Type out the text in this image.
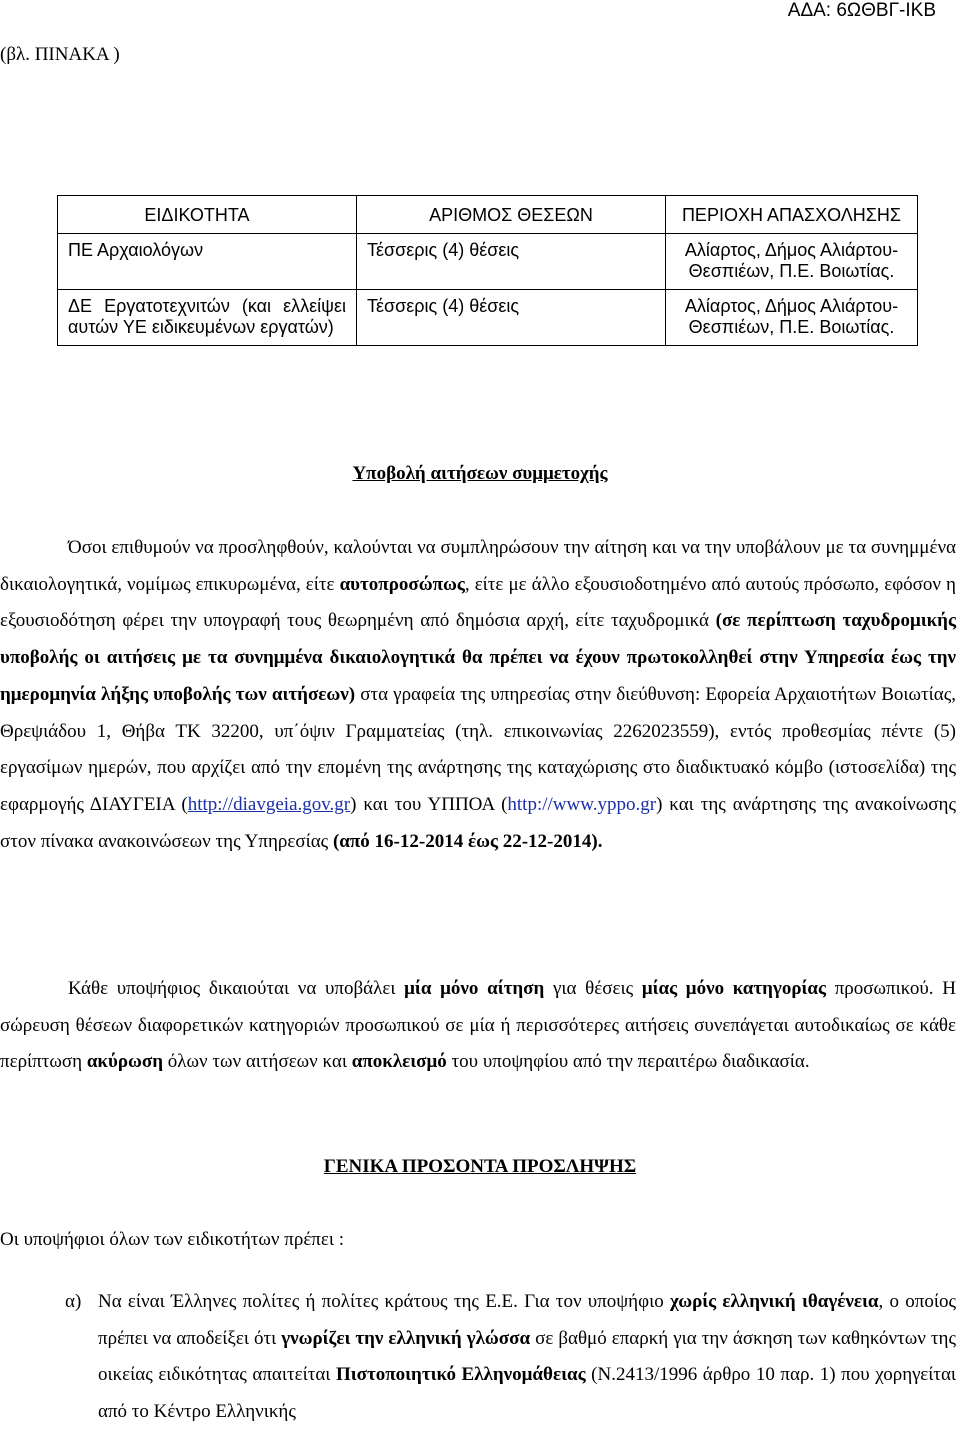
ΑΔΑ: 6ΩΘΒΓ-ΙΚΒ
(βλ. ΠΙΝΑΚΑ )
ΕΙΔΙΚΟΤΗΤΑ	ΑΡΙΘΜΟΣ ΘΕΣΕΩΝ	ΠΕΡΙΟΧΗ ΑΠΑΣΧΟΛΗΣΗΣ
ΠΕ Αρχαιολόγων	Τέσσερις (4) θέσεις	Αλίαρτος, Δήμος Αλιάρτου-Θεσπιέων, Π.Ε. Βοιωτίας.
ΔΕ Εργατοτεχνιτών (και ελλείψει αυτών ΥΕ ειδικευμένων εργατών)	Τέσσερις (4) θέσεις	Αλίαρτος, Δήμος Αλιάρτου-Θεσπιέων, Π.Ε. Βοιωτίας.
Υποβολή αιτήσεων συμμετοχής
Όσοι επιθυμούν να προσληφθούν, καλούνται να συμπληρώσουν την αίτηση και να την υποβάλουν με τα συνημμένα δικαιολογητικά, νομίμως επικυρωμένα, είτε αυτοπροσώπως, είτε με άλλο εξουσιοδοτημένο από αυτούς πρόσωπο, εφόσον η εξουσιοδότηση φέρει την υπογραφή τους θεωρημένη από δημόσια αρχή, είτε ταχυδρομικά (σε περίπτωση ταχυδρομικής υποβολής οι αιτήσεις με τα συνημμένα δικαιολογητικά θα πρέπει να έχουν πρωτοκολληθεί στην Υπηρεσία έως την ημερομηνία λήξης υποβολής των αιτήσεων) στα γραφεία της υπηρεσίας στην διεύθυνση: Εφορεία Αρχαιοτήτων Βοιωτίας, Θρεψιάδου 1, Θήβα ΤΚ 32200, υπ΄όψιν Γραμματείας (τηλ. επικοινωνίας 2262023559), εντός προθεσμίας πέντε (5) εργασίμων ημερών, που αρχίζει από την επομένη της ανάρτησης της καταχώρισης στο διαδικτυακό κόμβο (ιστοσελίδα) της εφαρμογής ΔΙΑΥΓΕΙΑ (http://diavgeia.gov.gr) και του ΥΠΠΟΑ (http://www.yppo.gr) και της ανάρτησης της ανακοίνωσης στον πίνακα ανακοινώσεων της Υπηρεσίας (από 16-12-2014 έως 22-12-2014).
Κάθε υποψήφιος δικαιούται να υποβάλει μία μόνο αίτηση για θέσεις μίας μόνο κατηγορίας προσωπικού. Η σώρευση θέσεων διαφορετικών κατηγοριών προσωπικού σε μία ή περισσότερες αιτήσεις συνεπάγεται αυτοδικαίως σε κάθε περίπτωση ακύρωση όλων των αιτήσεων και αποκλεισμό του υποψηφίου από την περαιτέρω διαδικασία.
ΓΕΝΙΚΑ ΠΡΟΣΟΝΤΑ ΠΡΟΣΛΗΨΗΣ
Οι υποψήφιοι όλων των ειδικοτήτων πρέπει :
α) Να είναι Έλληνες πολίτες ή πολίτες κράτους της Ε.Ε. Για τον υποψήφιο χωρίς ελληνική ιθαγένεια, ο οποίος πρέπει να αποδείξει ότι γνωρίζει την ελληνική γλώσσα σε βαθμό επαρκή για την άσκηση των καθηκόντων της οικείας ειδικότητας απαιτείται Πιστοποιητικό Ελληνομάθειας (Ν.2413/1996 άρθρο 10 παρ. 1) που χορηγείται από το Κέντρο Ελληνικής
